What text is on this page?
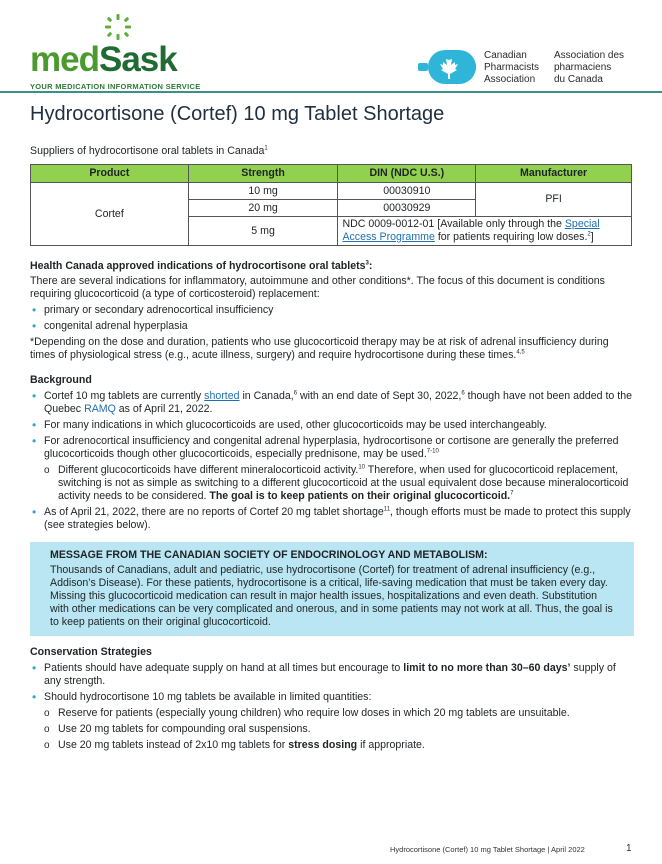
medSask
YOUR MEDICATION INFORMATION SERVICE
Canadian
Pharmacists
Association
Association des
pharmaciens
du Canada
Hydrocortisone (Cortef) 10 mg Tablet Shortage

Suppliers of hydrocortisone oral tablets in Canada$^1$

Product	Strength	DIN (NDC U.S.)	Manufacturer
Cortef	10 mg	00030910	PFI
	20 mg	00030929	
	5 mg	NDC 0009-0012-01 [Available only through the Special Access Programme for patients requiring low doses.$^2$]	

Health Canada approved indications of hydrocortisone oral tablets$^3$:

There are several indications for inflammatory, autoimmune and other conditions*. The focus of this document is conditions requiring glucocorticoid (a type of corticosteroid) replacement:

• primary or secondary adrenocortical insufficiency
• congenital adrenal hyperplasia

*Depending on the dose and duration, patients who use glucocorticoid therapy may be at risk of adrenal insufficiency during times of physiological stress (e.g., acute illness, surgery) and require hydrocortisone during these times.$^{4,5}$

Background

• Cortef 10 mg tablets are currently shorted in Canada,$^6$ with an end date of Sept 30, 2022,$^6$ though have not been added to the Quebec RAMQ as of April 21, 2022.
• For many indications in which glucocorticoids are used, other glucocorticoids may be used interchangeably.
• For adrenocortical insufficiency and congenital adrenal hyperplasia, hydrocortisone or cortisone are generally the preferred glucocorticoids though other glucocorticoids, especially prednisone, may be used.$^{7-10}$
o Different glucocorticoids have different mineralocorticoid activity.$^{10}$ Therefore, when used for glucocorticoid replacement, switching is not as simple as switching to a different glucocorticoid at the usual equivalent dose because mineralocorticoid activity needs to be considered. The goal is to keep patients on their original glucocorticoid.$^7$
• As of April 21, 2022, there are no reports of Cortef 20 mg tablet shortage$^{11}$, though efforts must be made to protect this supply (see strategies below).
MESSAGE FROM THE CANADIAN SOCIETY OF ENDOCRINOLOGY AND METABOLISM:

Thousands of Canadians, adult and pediatric, use hydrocortisone (Cortef) for treatment of adrenal insufficiency (e.g., Addison’s Disease). For these patients, hydrocortisone is a critical, life-saving medication that must be taken every day. Missing this glucocorticoid medication can result in major health issues, hospitalizations and even death. Substitution with other medications can be very complicated and onerous, and in some patients may not work at all. Thus, the goal is to keep patients on their original glucocorticoid.

Conservation Strategies

• Patients should have adequate supply on hand at all times but encourage to limit to no more than 30–60 days’ supply of any strength.
• Should hydrocortisone 10 mg tablets be available in limited quantities:
o Reserve for patients (especially young children) who require low doses in which 20 mg tablets are unsuitable.
o Use 20 mg tablets for compounding oral suspensions.
o Use 20 mg tablets instead of 2x10 mg tablets for stress dosing if appropriate.
Hydrocortisone (Cortef) 10 mg Tablet Shortage | April 2022	1
